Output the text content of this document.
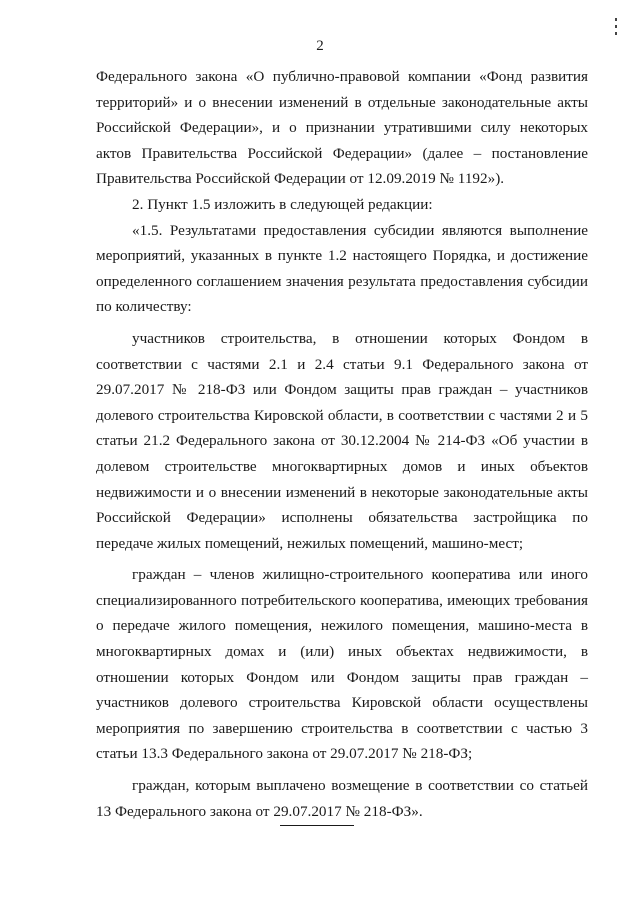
2

Федерального закона «О публично-правовой компании «Фонд развития территорий» и о внесении изменений в отдельные законодательные акты Российской Федерации», и о признании утратившими силу некоторых актов Правительства Российской Федерации» (далее – постановление Правительства Российской Федерации от 12.09.2019 № 1192»).

2. Пункт 1.5 изложить в следующей редакции:

«1.5. Результатами предоставления субсидии являются выполнение мероприятий, указанных в пункте 1.2 настоящего Порядка, и достижение определенного соглашением значения результата предоставления субсидии по количеству:

участников строительства, в отношении которых Фондом в соответствии с частями 2.1 и 2.4 статьи 9.1 Федерального закона от 29.07.2017 № 218-ФЗ или Фондом защиты прав граждан – участников долевого строительства Кировской области, в соответствии с частями 2 и 5 статьи 21.2 Федерального закона от 30.12.2004 № 214-ФЗ «Об участии в долевом строительстве многоквартирных домов и иных объектов недвижимости и о внесении изменений в некоторые законодательные акты Российской Федерации» исполнены обязательства застройщика по передаче жилых помещений, нежилых помещений, машино-мест;

граждан – членов жилищно-строительного кооператива или иного специализированного потребительского кооператива, имеющих требования о передаче жилого помещения, нежилого помещения, машино-места в многоквартирных домах и (или) иных объектах недвижимости, в отношении которых Фондом или Фондом защиты прав граждан – участников долевого строительства Кировской области осуществлены мероприятия по завершению строительства в соответствии с частью 3 статьи 13.3 Федерального закона от 29.07.2017 № 218-ФЗ;

граждан, которым выплачено возмещение в соответствии со статьей 13 Федерального закона от 29.07.2017 № 218-ФЗ».
